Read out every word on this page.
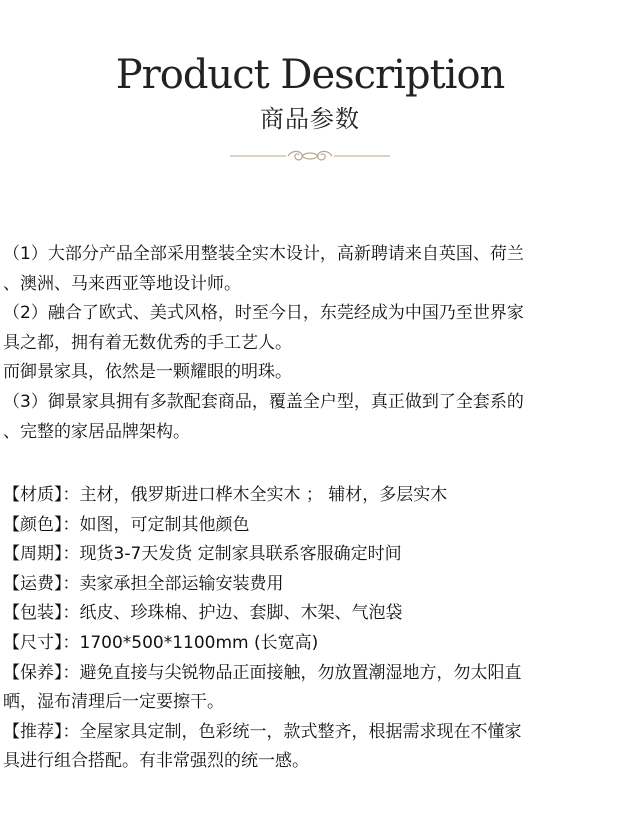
Product Description
商品参数

（1）大部分产品全部采用整装全实木设计，高新聘请来自英国、荷兰

、澳洲、马来西亚等地设计师。

（2）融合了欧式、美式风格，时至今日，东莞经成为中国乃至世界家

具之都，拥有着无数优秀的手工艺人。

而御景家具，依然是一颗耀眼的明珠。

（3）御景家具拥有多款配套商品，覆盖全户型，真正做到了全套系的

、完整的家居品牌架构。

【材质】：主材，俄罗斯进口桦木全实木 ； 辅材，多层实木

【颜色】：如图，可定制其他颜色

【周期】：现货3-7天发货 定制家具联系客服确定时间

【运费】：卖家承担全部运输安装费用

【包装】：纸皮、珍珠棉、护边、套脚、木架、气泡袋

【尺寸】：1700*500*1100mm (长宽高)

【保养】：避免直接与尖锐物品正面接触，勿放置潮湿地方，勿太阳直

晒，湿布清理后一定要擦干。

【推荐】：全屋家具定制，色彩统一，款式整齐，根据需求现在不懂家

具进行组合搭配。有非常强烈的统一感。
